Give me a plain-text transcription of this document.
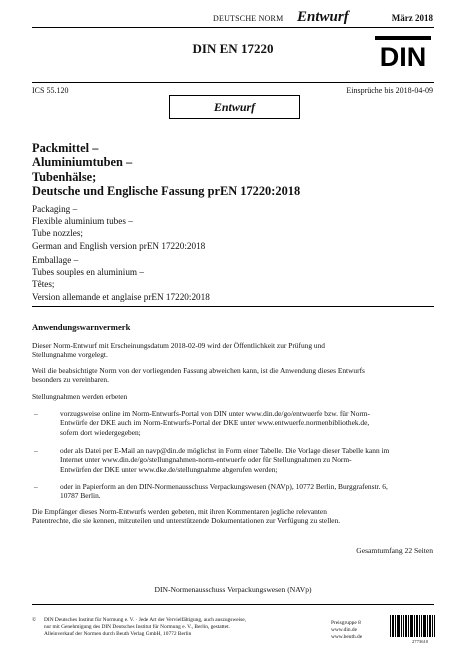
DEUTSCHE NORM Entwurf	März 2018
DIN EN 17220	DIN
ICS 55.120	Einsprüche bis 2018-04-09
Entwurf
Packmittel –
Aluminiumtuben –
Tubenhälse;
Deutsche und Englische Fassung prEN 17220:2018
Packaging –
Flexible aluminium tubes –
Tube nozzles;
German and English version prEN 17220:2018
Emballage –
Tubes souples en aluminium –
Têtes;
Version allemande et anglaise prEN 17220:2018
Anwendungswarnvermerk
Dieser Norm-Entwurf mit Erscheinungsdatum 2018-02-09 wird der Öffentlichkeit zur Prüfung und
Stellungnahme vorgelegt.
Weil die beabsichtigte Norm von der vorliegenden Fassung abweichen kann, ist die Anwendung dieses Entwurfs
besonders zu vereinbaren.
Stellungnahmen werden erbeten
–	vorzugsweise online im Norm-Entwurfs-Portal von DIN unter www.din.de/go/entwuerfe bzw. für Norm-
Entwürfe der DKE auch im Norm-Entwurfs-Portal der DKE unter www.entwuerfe.normenbibliothek.de,
sofern dort wiedergegeben;
–	oder als Datei per E-Mail an navp@din.de möglichst in Form einer Tabelle. Die Vorlage dieser Tabelle kann im
Internet unter www.din.de/go/stellungnahmen-norm-entwuerfe oder für Stellungnahmen zu Norm-
Entwürfen der DKE unter www.dke.de/stellungnahme abgerufen werden;
–	oder in Papierform an den DIN-Normenausschuss Verpackungswesen (NAVp), 10772 Berlin, Burggrafenstr. 6,
10787 Berlin.
Die Empfänger dieses Norm-Entwurfs werden gebeten, mit ihren Kommentaren jegliche relevanten
Patentrechte, die sie kennen, mitzuteilen und unterstützende Dokumentationen zur Verfügung zu stellen.
Gesamtumfang 22 Seiten
DIN-Normenausschuss Verpackungswesen (NAVp)
© DIN Deutsches Institut für Normung e. V. · Jede Art der Vervielfältigung, auch auszugsweise,
nur mit Genehmigung des DIN Deutsches Institut für Normung e. V., Berlin, gestattet.
Alleinverkauf der Normen durch Beuth Verlag GmbH, 10772 Berlin
Preisgruppe 8
www.din.de
www.beuth.de
2773610
